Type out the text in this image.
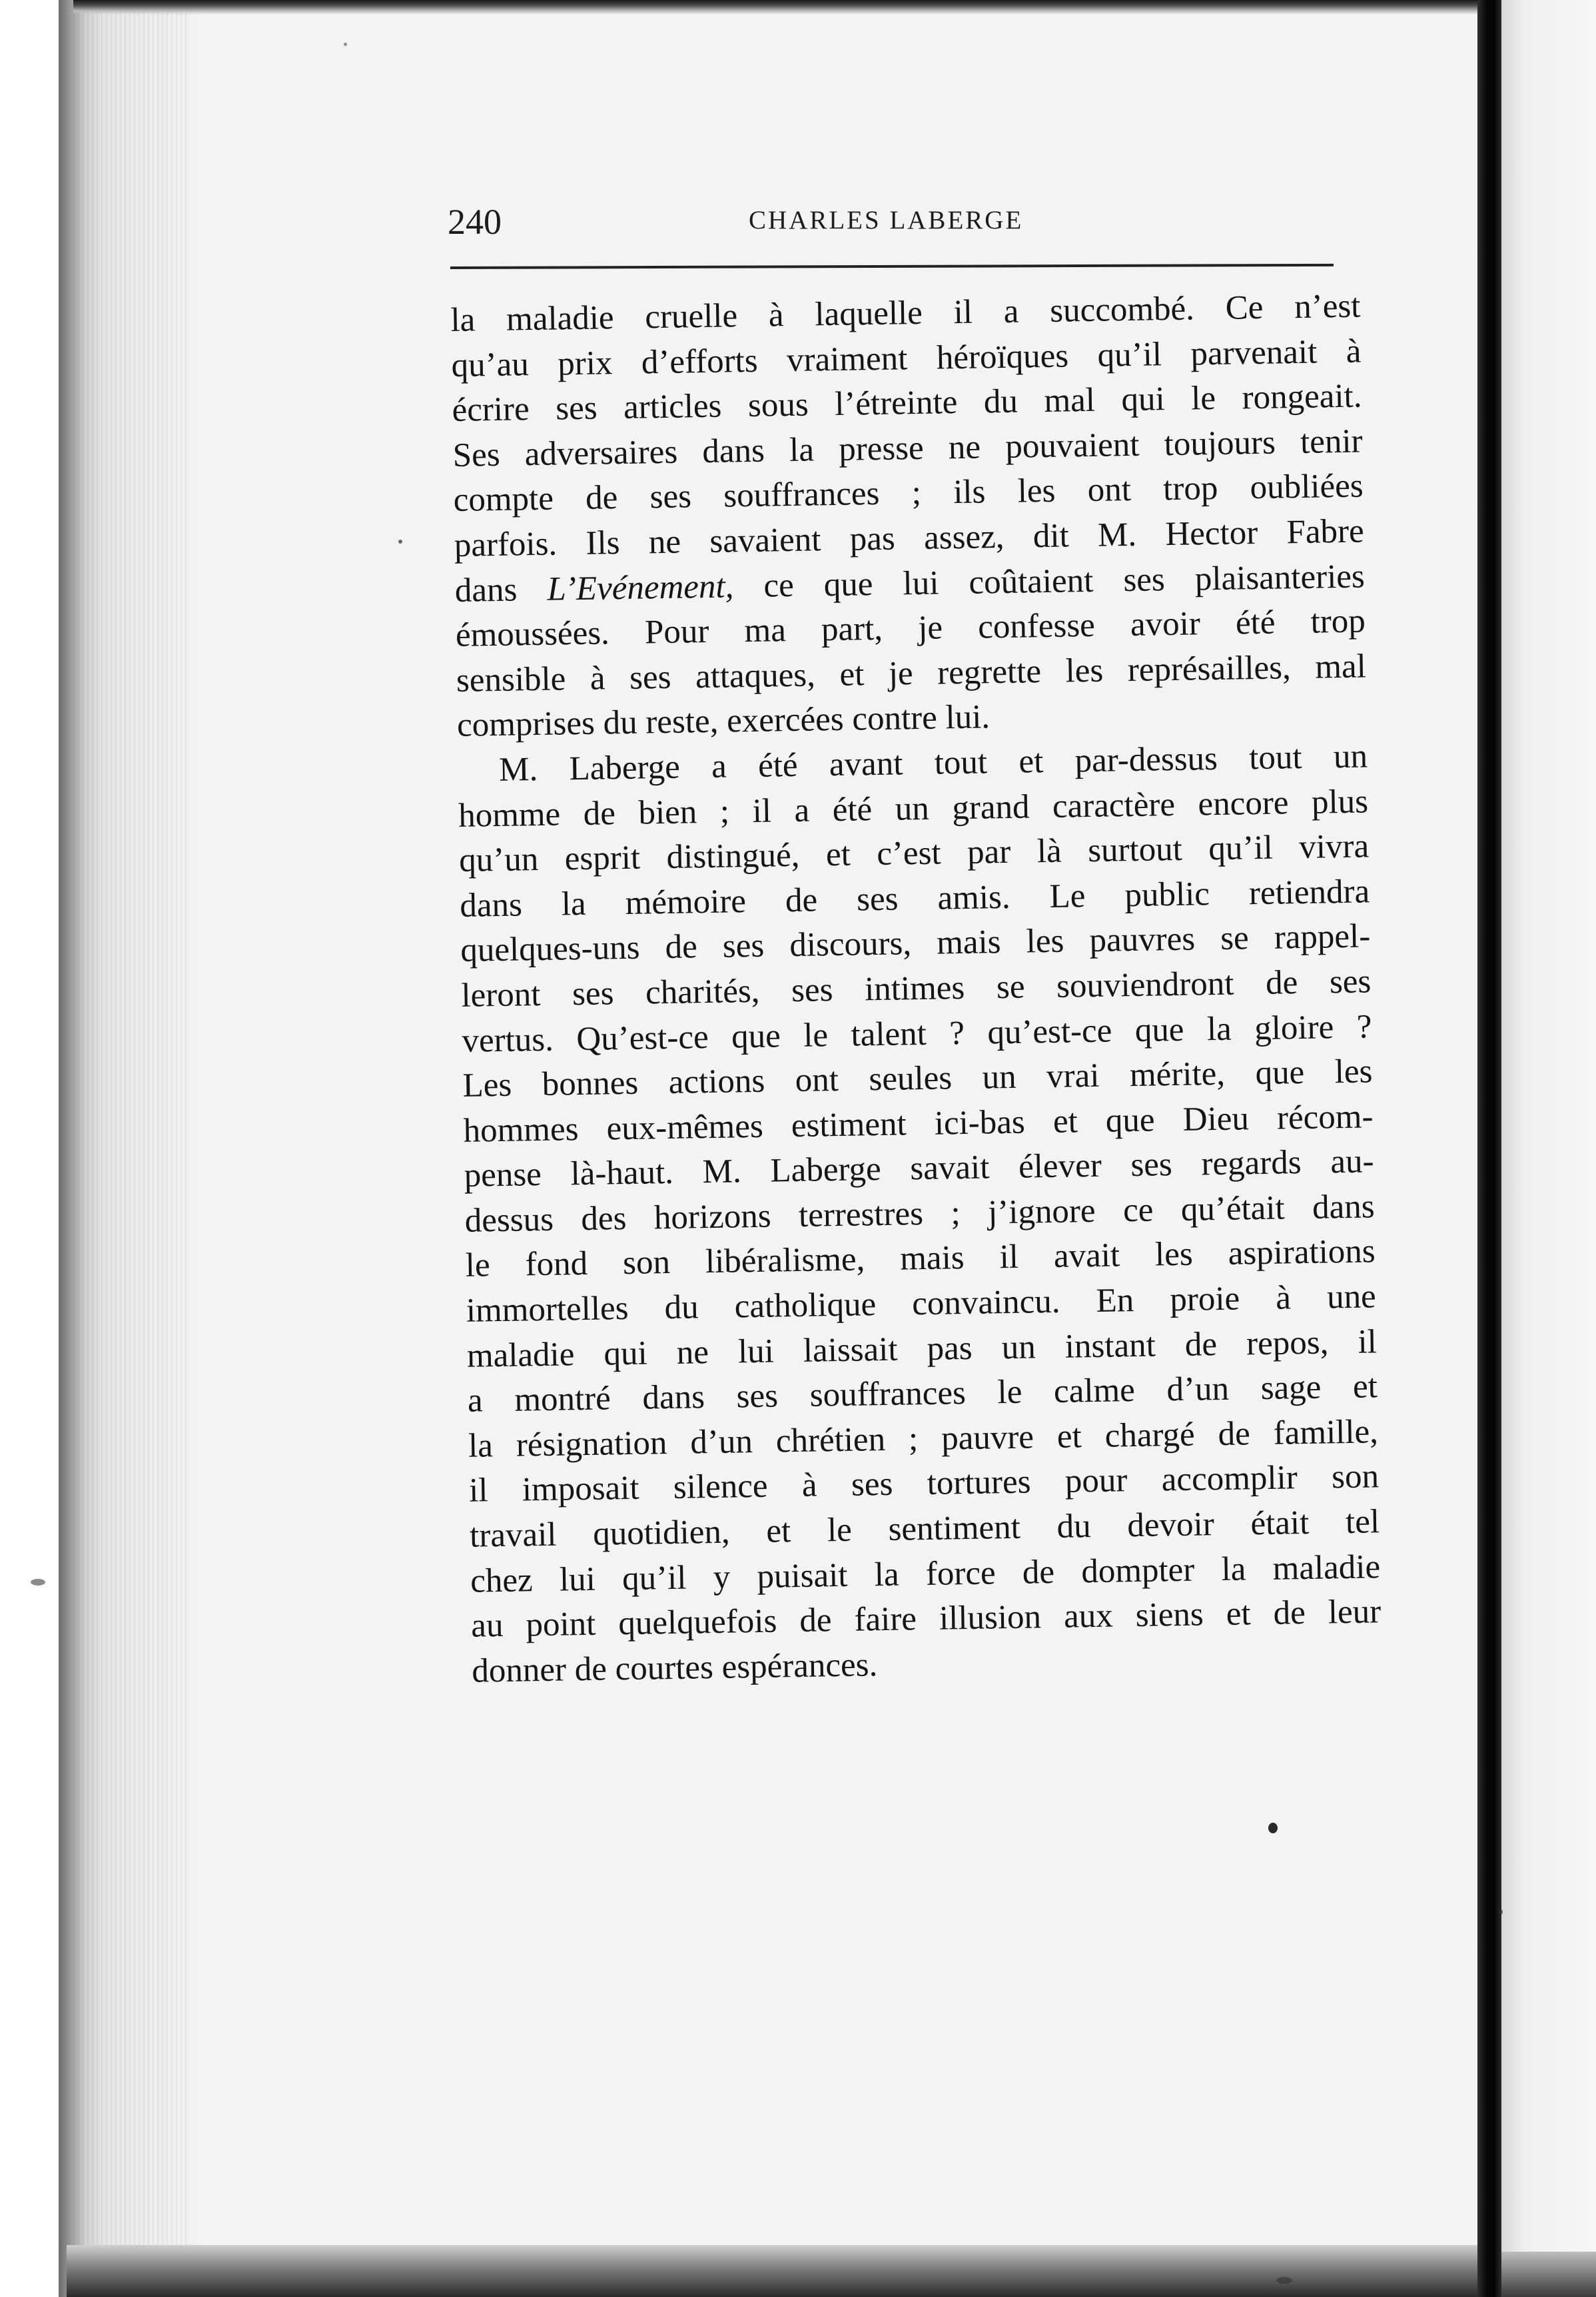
240	CHARLES LABERGE
la maladie cruelle à laquelle il a succombé. Ce n’est
qu’au prix d’efforts vraiment héroïques qu’il parvenait à
écrire ses articles sous l’étreinte du mal qui le rongeait.
Ses adversaires dans la presse ne pouvaient toujours tenir
compte de ses souffrances ; ils les ont trop oubliées
parfois. Ils ne savaient pas assez, dit M. Hector Fabre
dans L’Evénement, ce que lui coûtaient ses plaisanteries
émoussées. Pour ma part, je confesse avoir été trop
sensible à ses attaques, et je regrette les représailles, mal
comprises du reste, exercées contre lui.
M. Laberge a été avant tout et par-dessus tout un
homme de bien ; il a été un grand caractère encore plus
qu’un esprit distingué, et c’est par là surtout qu’il vivra
dans la mémoire de ses amis. Le public retiendra
quelques-uns de ses discours, mais les pauvres se rappel-
leront ses charités, ses intimes se souviendront de ses
vertus. Qu’est-ce que le talent ? qu’est-ce que la gloire ?
Les bonnes actions ont seules un vrai mérite, que les
hommes eux-mêmes estiment ici-bas et que Dieu récom-
pense là-haut. M. Laberge savait élever ses regards au-
dessus des horizons terrestres ; j’ignore ce qu’était dans
le fond son libéralisme, mais il avait les aspirations
immortelles du catholique convaincu. En proie à une
maladie qui ne lui laissait pas un instant de repos, il
a montré dans ses souffrances le calme d’un sage et
la résignation d’un chrétien ; pauvre et chargé de famille,
il imposait silence à ses tortures pour accomplir son
travail quotidien, et le sentiment du devoir était tel
chez lui qu’il y puisait la force de dompter la maladie
au point quelquefois de faire illusion aux siens et de leur
donner de courtes espérances.
